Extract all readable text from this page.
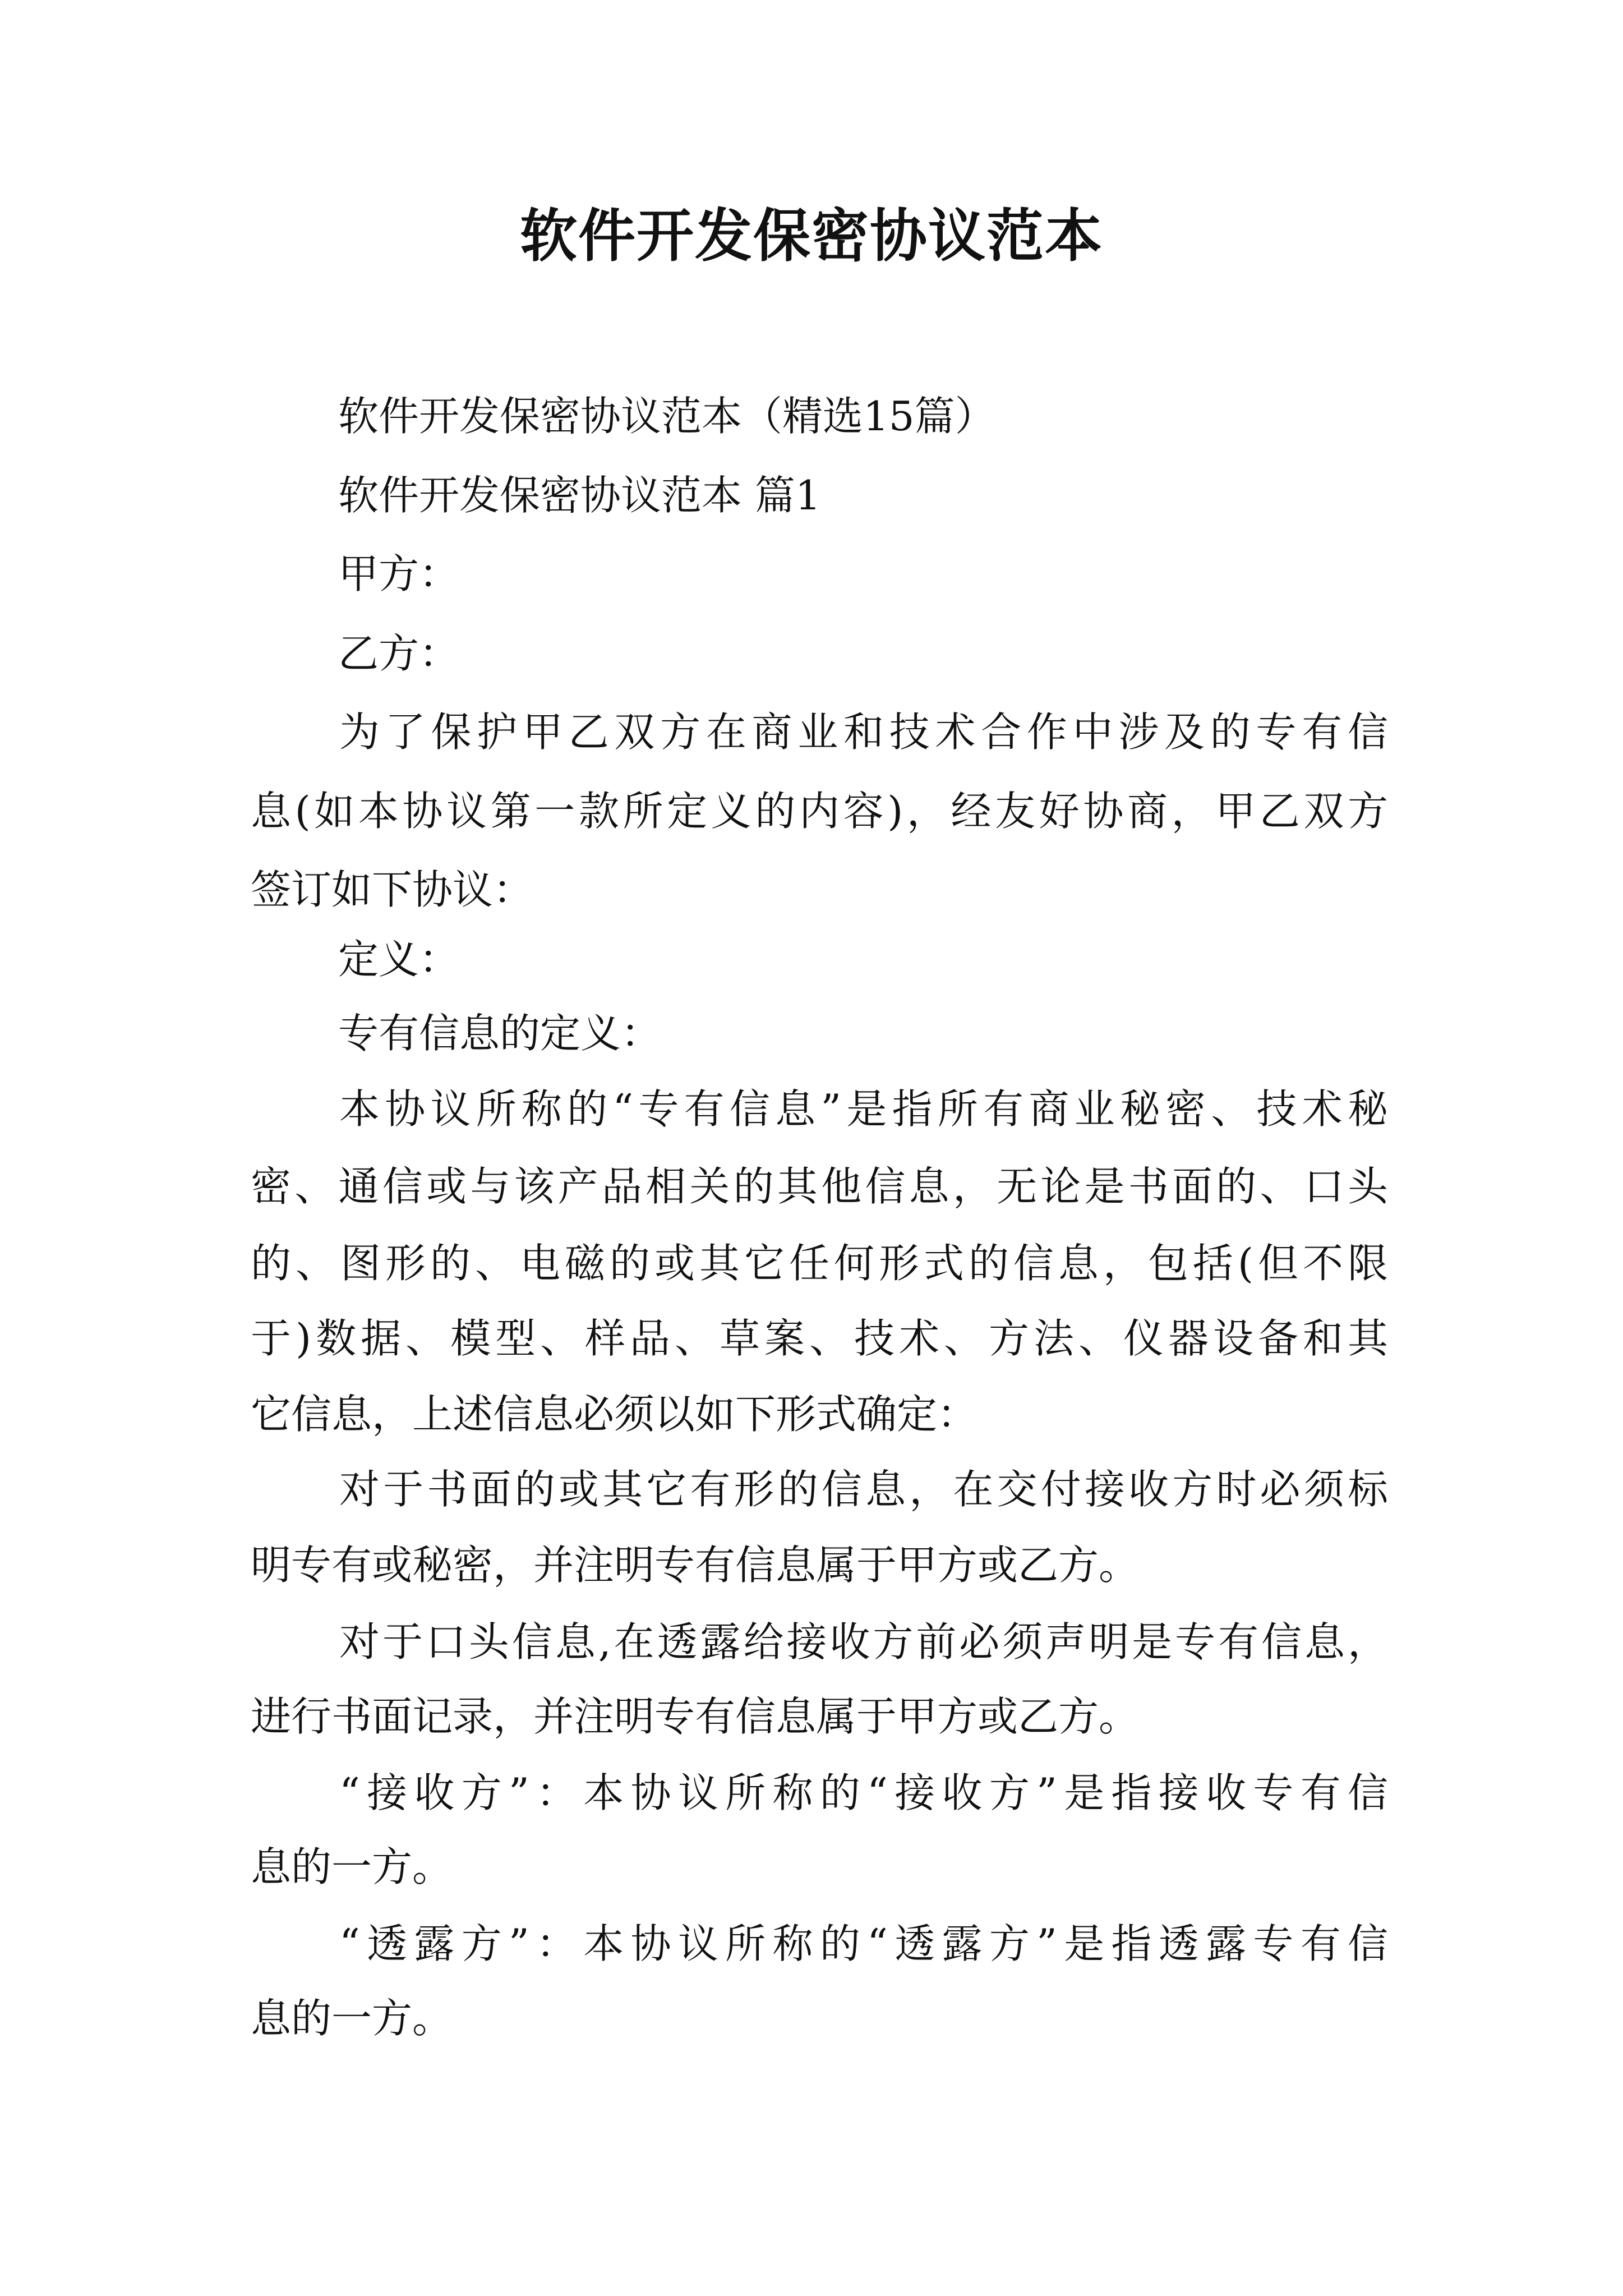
软件开发保密协议范本
软件开发保密协议范本（精选15篇）
软件开发保密协议范本 篇1
甲方：
乙方：
为了保护甲乙双方在商业和技术合作中涉及的专有信
息(如本协议第一款所定义的内容)，经友好协商，甲乙双方
签订如下协议：
定义：
专有信息的定义：
本协议所称的“专有信息”是指所有商业秘密、技术秘
密、通信或与该产品相关的其他信息，无论是书面的、口头
的、图形的、电磁的或其它任何形式的信息，包括(但不限
于)数据、模型、样品、草案、技术、方法、仪器设备和其
它信息，上述信息必须以如下形式确定：
对于书面的或其它有形的信息，在交付接收方时必须标
明专有或秘密，并注明专有信息属于甲方或乙方。
对于口头信息,在透露给接收方前必须声明是专有信息，
进行书面记录，并注明专有信息属于甲方或乙方。
“接收方”：本协议所称的“接收方”是指接收专有信
息的一方。
“透露方”：本协议所称的“透露方”是指透露专有信
息的一方。
